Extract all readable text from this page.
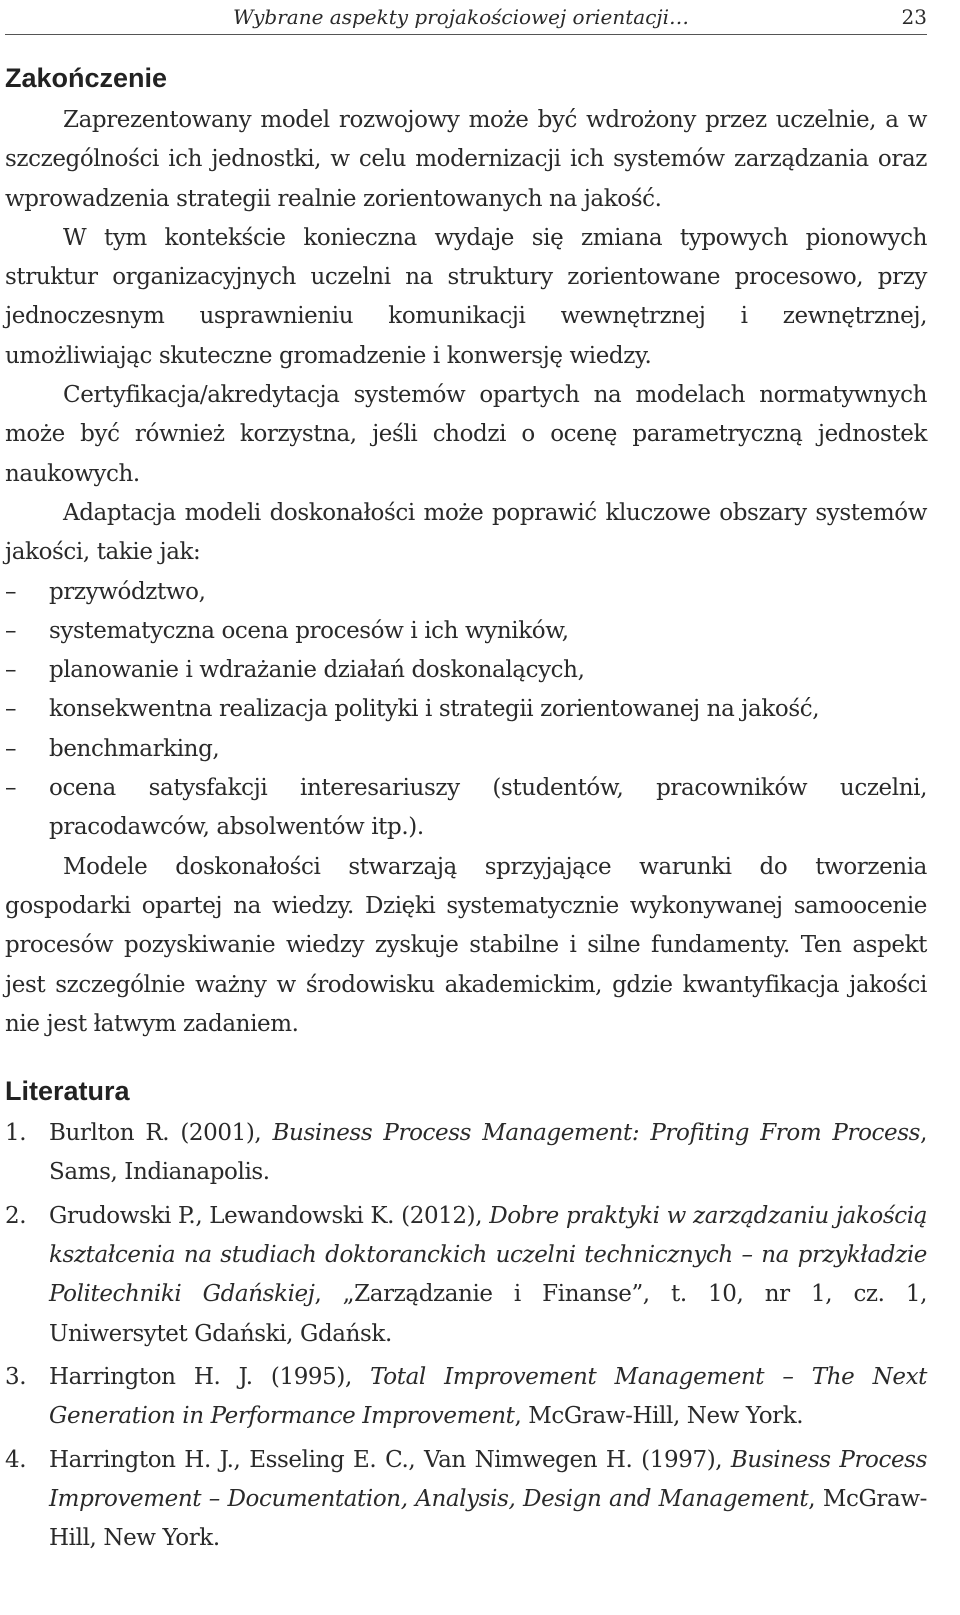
Wybrane aspekty projakościowej orientacji…	23
Zakończenie

Zaprezentowany model rozwojowy może być wdrożony przez uczelnie, a w szczególności ich jednostki, w celu modernizacji ich systemów zarządzania oraz wprowadzenia strategii realnie zorientowanych na jakość.

W tym kontekście konieczna wydaje się zmiana typowych pionowych struktur organizacyjnych uczelni na struktury zorientowane procesowo, przy jednoczesnym usprawnieniu komunikacji wewnętrznej i zewnętrznej, umożliwiając skuteczne gromadzenie i konwersję wiedzy.

Certyfikacja/akredytacja systemów opartych na modelach normatywnych może być również korzystna, jeśli chodzi o ocenę parametryczną jednostek naukowych.

Adaptacja modeli doskonałości może poprawić kluczowe obszary systemów jakości, takie jak:

– przywództwo,
– systematyczna ocena procesów i ich wyników,
– planowanie i wdrażanie działań doskonalących,
– konsekwentna realizacja polityki i strategii zorientowanej na jakość,
– benchmarking,
– ocena satysfakcji interesariuszy (studentów, pracowników uczelni, pracodawców, absolwentów itp.).

Modele doskonałości stwarzają sprzyjające warunki do tworzenia gospodarki opartej na wiedzy. Dzięki systematycznie wykonywanej samoocenie procesów pozyskiwanie wiedzy zyskuje stabilne i silne fundamenty. Ten aspekt jest szczególnie ważny w środowisku akademickim, gdzie kwantyfikacja jakości nie jest łatwym zadaniem.

Literatura
1. Burlton R. (2001), Business Process Management: Profiting From Process, Sams, Indianapolis.
2. Grudowski P., Lewandowski K. (2012), Dobre praktyki w zarządzaniu jakością kształcenia na studiach doktoranckich uczelni technicznych – na przykładzie Politechniki Gdańskiej, „Zarządzanie i Finanse”, t. 10, nr 1, cz. 1, Uniwersytet Gdański, Gdańsk.
3. Harrington H. J. (1995), Total Improvement Management – The Next Generation in Performance Improvement, McGraw-Hill, New York.
4. Harrington H. J., Esseling E. C., Van Nimwegen H. (1997), Business Process Improvement – Documentation, Analysis, Design and Management, McGraw-Hill, New York.
